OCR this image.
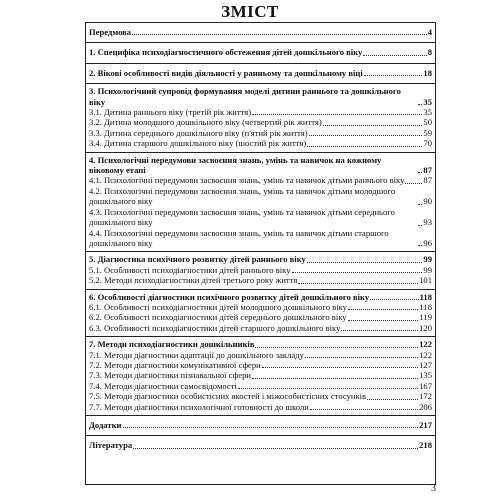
ЗМІСТ
Передмова	4
1. Специфіка психодіагностичного обстеження дітей дошкільного віку	8
2. Вікові особливості видів діяльності у ранньому та дошкільному віці	18
3. Психологічний супровід формування моделі дитини раннього та дошкільного віку	35
3.1. Дитина раннього віку (третій рік життя)	35
3.2. Дитина молодшого дошкільного віку (четвертий рік життя)	50
3.3. Дитина середнього дошкільного віку (п'ятий рік життя)	59
3.4. Дитина старшого дошкільного віку (шостий рік життя)	70
4. Психологічні передумови засвоєння знань, умінь та навичок на кожному віковому етапі	87
4.1. Психологічні передумови засвоєння знань, умінь та навичок дітьми раннього віку 87
4.2. Психологічні передумови засвоєння знань, умінь та навичок дітьми молодшого дошкільного віку	90
4.3. Психологічні передумови засвоєння знань, умінь та навичок дітьми середнього дошкільного віку	93
4.4. Психологічні передумови засвоєння знань, умінь та навичок дітьми старшого дошкільного віку	96
5. Діагностика психічного розвитку дітей раннього віку	99
5.1. Особливості психодіагностики дітей раннього віку	99
5.2. Методи психодіагностики дітей третього року життя	101
6. Особливості діагностики психічного розвитку дітей дошкільного віку	118
6.1. Особливості психодіагностики дітей молодшого дошкільного віку	118
6.2. Особливості психодіагностики дітей середнього дошкільного віку	119
6.3. Особливості психодіагностики дітей старшого дошкільного віку	120
7. Методи психодіагностики дошкільників	122
7.1. Методи діагностики адаптації до дошкільного закладу	122
7.2. Методи діагностики комунікативної сфери	127
7.3. Методи діагностики пізнавальної сфери	135
7.4. Методи діагностики самосвідомості	167
7.5. Методи діагностики особистісних якостей і міжособистісних стосунків	172
7.7. Методи діагностики психологічної готовності до школи	206
Додатки	217
Література	218
3
